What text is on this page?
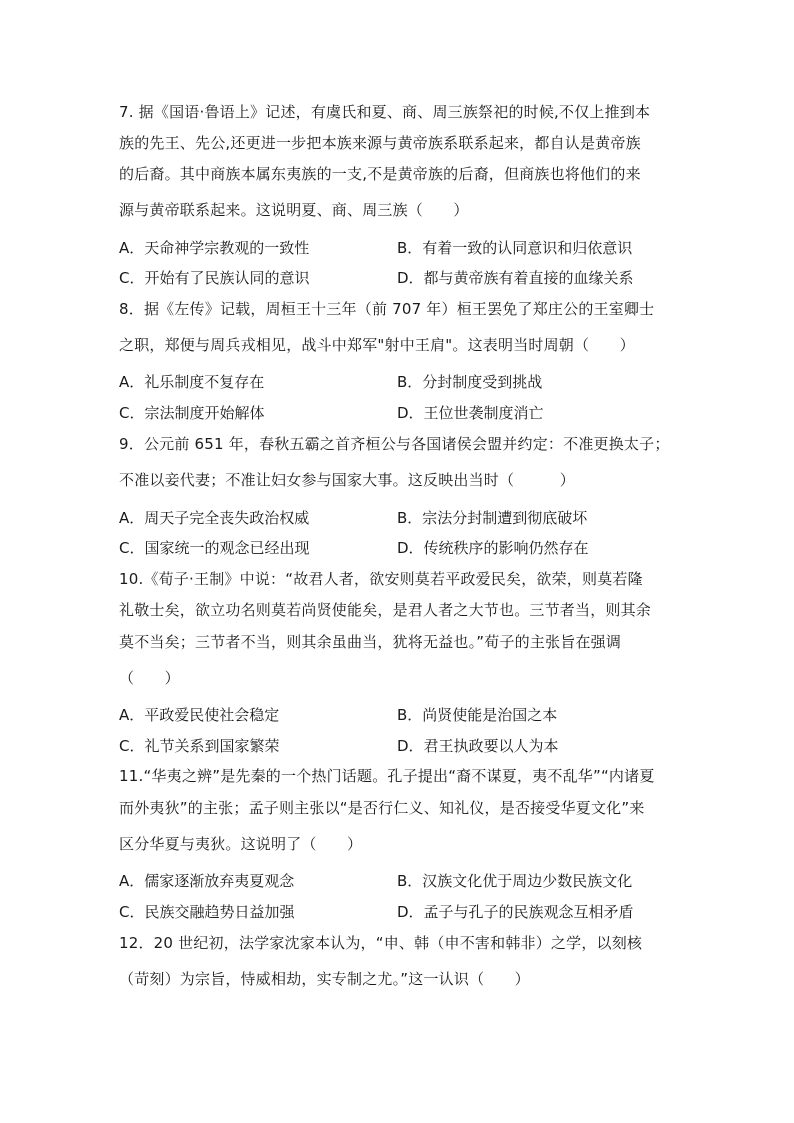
7. 据《国语·鲁语上》记述，有虞氏和夏、商、周三族祭祀的时候,不仅上推到本
族的先王、先公,还更进一步把本族来源与黄帝族系联系起来，都自认是黄帝族
的后裔。其中商族本属东夷族的一支,不是黄帝族的后裔，但商族也将他们的来
源与黄帝联系起来。这说明夏、商、周三族（　　）
A．天命神学宗教观的一致性	B．有着一致的认同意识和归依意识
C．开始有了民族认同的意识	D．都与黄帝族有着直接的血缘关系
8．据《左传》记载，周桓王十三年（前 707 年）桓王罢免了郑庄公的王室卿士
之职，郑便与周兵戎相见，战斗中郑军"射中王肩"。这表明当时周朝（　　）
A．礼乐制度不复存在	B．分封制度受到挑战
C．宗法制度开始解体	D．王位世袭制度消亡
9．公元前 651 年，春秋五霸之首齐桓公与各国诸侯会盟并约定：不准更换太子；
不准以妾代妻；不准让妇女参与国家大事。这反映出当时（　　　）
A．周天子完全丧失政治权威	B．宗法分封制遭到彻底破坏
C．国家统一的观念已经出现	D．传统秩序的影响仍然存在
10.《荀子·王制》中说：“故君人者，欲安则莫若平政爱民矣，欲荣，则莫若隆
礼敬士矣，欲立功名则莫若尚贤使能矣，是君人者之大节也。三节者当，则其余
莫不当矣；三节者不当，则其余虽曲当，犹将无益也。”荀子的主张旨在强调
（　　）
A．平政爱民使社会稳定	B．尚贤使能是治国之本
C．礼节关系到国家繁荣	D．君王执政要以人为本
11.“华夷之辨”是先秦的一个热门话题。孔子提出“裔不谋夏，夷不乱华”“内诸夏
而外夷狄”的主张；孟子则主张以“是否行仁义、知礼仪，是否接受华夏文化”来
区分华夏与夷狄。这说明了（　　）
A．儒家逐渐放弃夷夏观念	B．汉族文化优于周边少数民族文化
C．民族交融趋势日益加强	D．孟子与孔子的民族观念互相矛盾
12．20 世纪初，法学家沈家本认为，“申、韩（申不害和韩非）之学，以刻核
（苛刻）为宗旨，恃威相劫，实专制之尤。”这一认识（　　）
